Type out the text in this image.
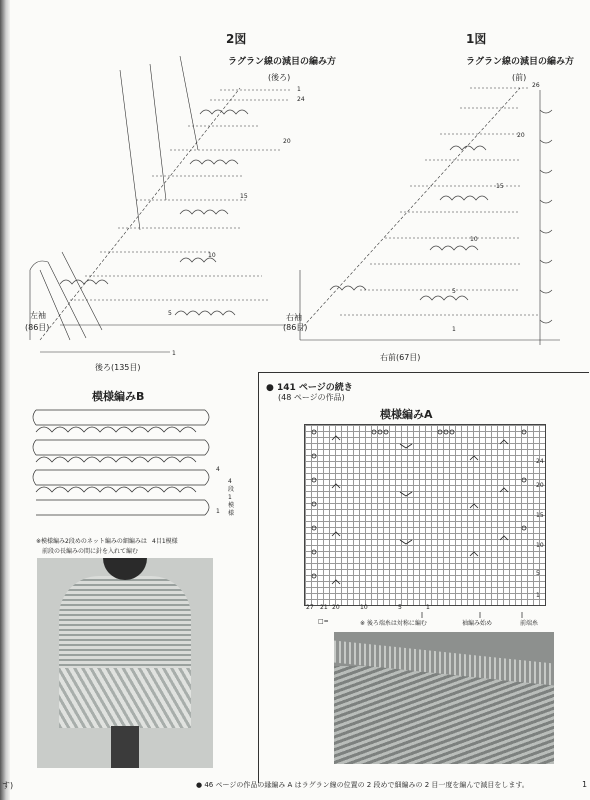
2図
ラグラン線の減目の編み方
(後ろ)
左袖
(86目)
後ろ(135目)
1
24
20
15
10
5
1
1図
ラグラン線の減目の編み方
(前)
右袖
(86目)
右前(67目)
26
20
15
10
5
1
模様編みB
4
1
4段1模様
※模様編み2段めのネット編みの細編みは 4目1模様
前段の長編みの間に針を入れて編む
● 141 ページの続き
(48 ページの作品)
模様編みA
24
20
15
10
5
1
27 21 20	10	5	1
□=	※ 後ろ端糸は対称に編む	袖編み始め	前端糸
す)	● 46 ページの作品の縁編み A はラグラン線の位置の 2 段めで細編みの 2 目一度を編んで減目をします。	1
